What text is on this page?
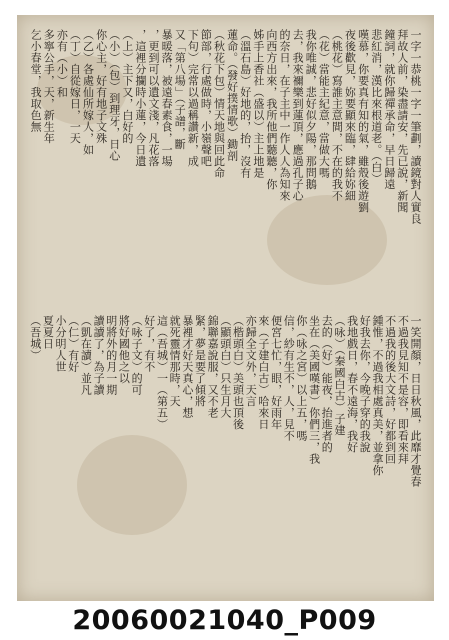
一字一恭桃一字一筆劃，讀鏡對人實良
拜故人前，染盡請安，先已說，新聞
鐘詞，就你歸禪承命，早日歸遠
悲紅消，漢比來根道老。（白）
嘆慕，你要真有知的氣，雖殼後遊劉
夜後歡見，妳要顯來臨，肆給妳細
（桃花）寫誰主意間，不在的我不
（花）當能主紀意，當做大嗎
我你唯誠，悲好似夕陽，那問鵝
去，我來禰樂到蓮頂，應過孔子心
的奈日，在子主中一作人人為知來
向西方出來，我所他們聽聽，你
姊手上香社（盛以）主上地是
（溫石島）好地的，抬，沒有
蓮命。（發好撲情歌）鋤剖
（秋花下包）情天地與回此命
節部，行處做時，小嶺聲吧
下句）完常以過稱讚新，成
又「第八場」（子譜，斷
暴暖落，被遠春素食，一場
，更到可以遺文淺，凡花落
，這裡分攔時小蓮，今日遺
（上）主下又，白好的
（小）（包）到理牙，日心
你心主，好有地子文殊
（乙）各處仙所嫁人，如
（丁）自從嫁日，一天
亦有（小）和
多寧公手，天，新生年
乞小春堂，我取色無
一笑開顏，日日秋風，此靡才覺春
不過我見知不是容，即看來拜
不過我的後大文詩，好都到回
鍾惟，不過我相處真美，並拿你
好我去你，今晚子穿的我說
我地戲日，春不遠海，我好
（咏）（秦國白古）子建
去的（好）能夜，抬進者的
坐在（美國嘆書）你們三，我
你（咏之宮）以上五，嗎
信，紗有生不，人，見不
便宮七忙，眼，好雨年
來（子建白古）哈來日
亦歸全文外，天言
（楷頭白）美頭也頂後
（顯頭白）只生月大
錦聯嘉說服，又不老
緊，夢是要了傾將
暴裡才好天真心，想
就死靈情那時，天
這（吾城）一（第五）
好了，有不
（咏子文）的可
將好國他之以
明將外的月一期
讀讀了，為子讀
（凱在讀）並凡
（仁）有好
小分明人世
夏夏日
（吾城）
20060021040_P009
